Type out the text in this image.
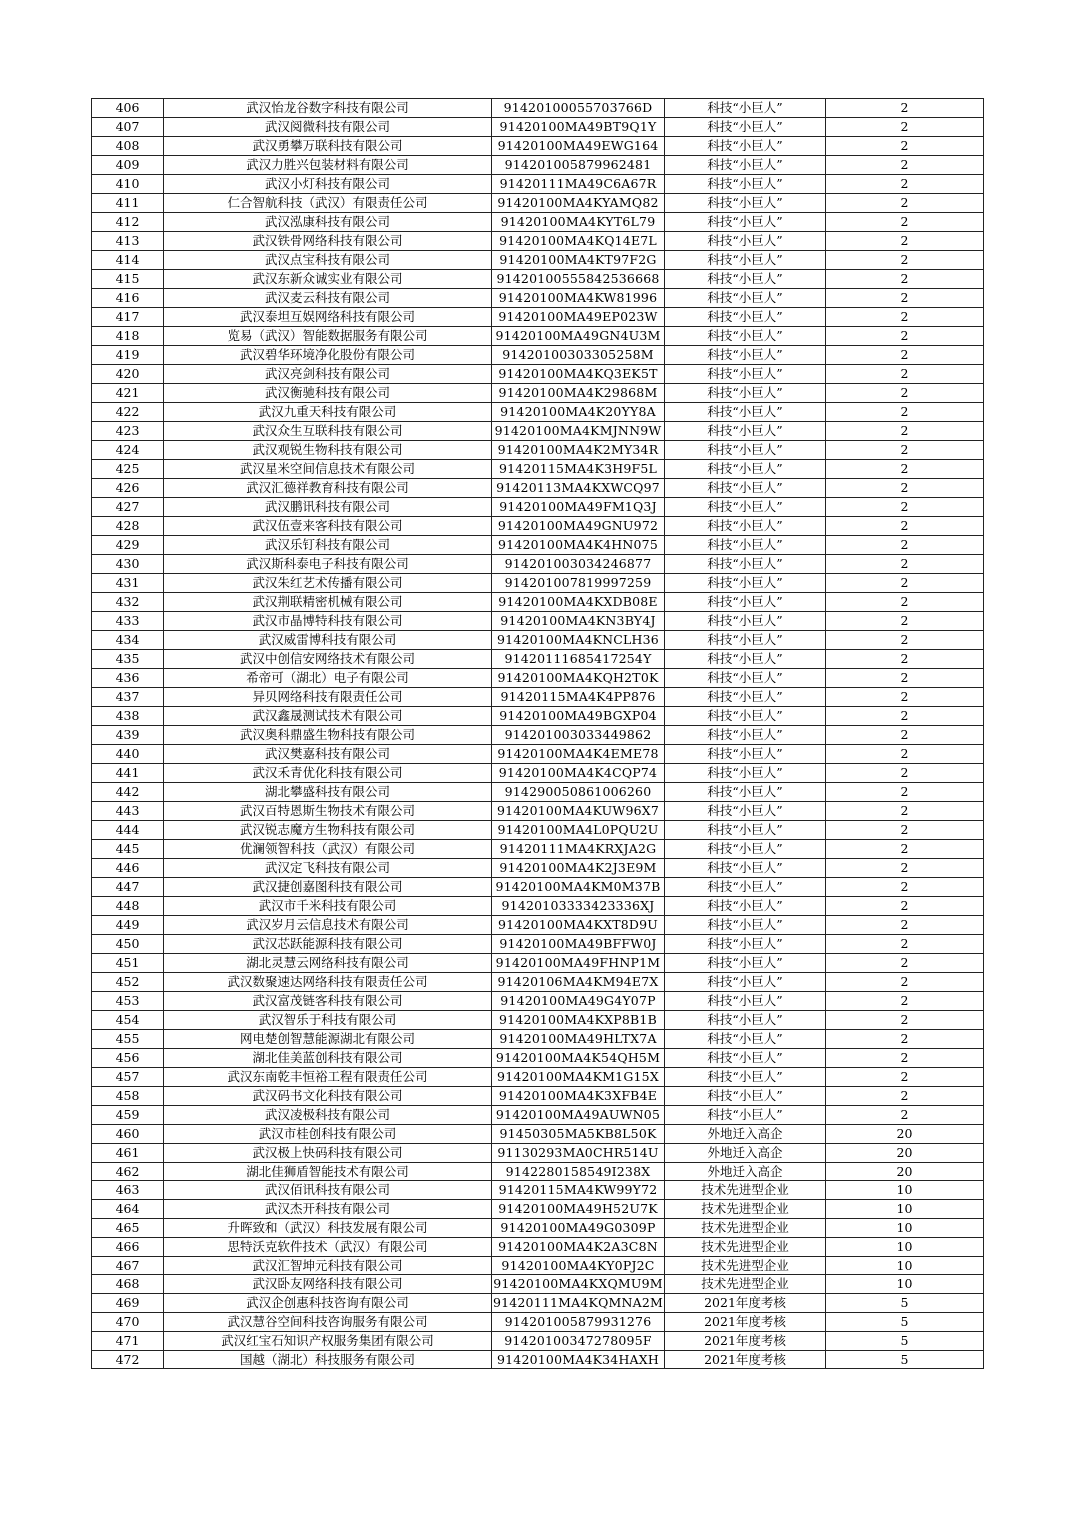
406	武汉怡龙谷数字科技有限公司	91420100055703766D	科技“小巨人”	2
407	武汉阅微科技有限公司	91420100MA49BT9Q1Y	科技“小巨人”	2
408	武汉勇攀万联科技有限公司	91420100MA49EWG164	科技“小巨人”	2
409	武汉力胜兴包装材料有限公司	914201005879962481	科技“小巨人”	2
410	武汉小灯科技有限公司	91420111MA49C6A67R	科技“小巨人”	2
411	仁合智航科技（武汉）有限责任公司	91420100MA4KYAMQ82	科技“小巨人”	2
412	武汉泓康科技有限公司	91420100MA4KYT6L79	科技“小巨人”	2
413	武汉铁骨网络科技有限公司	91420100MA4KQ14E7L	科技“小巨人”	2
414	武汉点宝科技有限公司	91420100MA4KT97F2G	科技“小巨人”	2
415	武汉东新众诚实业有限公司	91420100555842536668	科技“小巨人”	2
416	武汉麦云科技有限公司	91420100MA4KW81996	科技“小巨人”	2
417	武汉泰坦互娱网络科技有限公司	91420100MA49EP023W	科技“小巨人”	2
418	览易（武汉）智能数据服务有限公司	91420100MA49GN4U3M	科技“小巨人”	2
419	武汉碧华环境净化股份有限公司	91420100303305258M	科技“小巨人”	2
420	武汉亮剑科技有限公司	91420100MA4KQ3EK5T	科技“小巨人”	2
421	武汉衡驰科技有限公司	91420100MA4K29868M	科技“小巨人”	2
422	武汉九重天科技有限公司	91420100MA4K20YY8A	科技“小巨人”	2
423	武汉众生互联科技有限公司	91420100MA4KMJNN9W	科技“小巨人”	2
424	武汉观锐生物科技有限公司	91420100MA4K2MY34R	科技“小巨人”	2
425	武汉星米空间信息技术有限公司	91420115MA4K3H9F5L	科技“小巨人”	2
426	武汉汇德祥教育科技有限公司	91420113MA4KXWCQ97	科技“小巨人”	2
427	武汉鹏讯科技有限公司	91420100MA49FM1Q3J	科技“小巨人”	2
428	武汉伍壹来客科技有限公司	91420100MA49GNU972	科技“小巨人”	2
429	武汉乐钉科技有限公司	91420100MA4K4HN075	科技“小巨人”	2
430	武汉斯科泰电子科技有限公司	914201003034246877	科技“小巨人”	2
431	武汉朱红艺术传播有限公司	914201007819997259	科技“小巨人”	2
432	武汉荆联精密机械有限公司	91420100MA4KXDB08E	科技“小巨人”	2
433	武汉市晶博特科技有限公司	91420100MA4KN3BY4J	科技“小巨人”	2
434	武汉威雷博科技有限公司	91420100MA4KNCLH36	科技“小巨人”	2
435	武汉中创信安网络技术有限公司	91420111685417254Y	科技“小巨人”	2
436	希帝可（湖北）电子有限公司	91420100MA4KQH2T0K	科技“小巨人”	2
437	异贝网络科技有限责任公司	91420115MA4K4PP876	科技“小巨人”	2
438	武汉鑫晟测试技术有限公司	91420100MA49BGXP04	科技“小巨人”	2
439	武汉奥科鼎盛生物科技有限公司	914201003033449862	科技“小巨人”	2
440	武汉樊嘉科技有限公司	91420100MA4K4EME78	科技“小巨人”	2
441	武汉禾青优化科技有限公司	91420100MA4K4CQP74	科技“小巨人”	2
442	湖北攀盛科技有限公司	914290050861006260	科技“小巨人”	2
443	武汉百特恩斯生物技术有限公司	91420100MA4KUW96X7	科技“小巨人”	2
444	武汉锐志魔方生物科技有限公司	91420100MA4L0PQU2U	科技“小巨人”	2
445	优澜领智科技（武汉）有限公司	91420111MA4KRXJA2G	科技“小巨人”	2
446	武汉定飞科技有限公司	91420100MA4K2J3E9M	科技“小巨人”	2
447	武汉捷创嘉图科技有限公司	91420100MA4KM0M37B	科技“小巨人”	2
448	武汉市千米科技有限公司	91420103333423336XJ	科技“小巨人”	2
449	武汉岁月云信息技术有限公司	91420100MA4KXT8D9U	科技“小巨人”	2
450	武汉芯跃能源科技有限公司	91420100MA49BFFW0J	科技“小巨人”	2
451	湖北灵慧云网络科技有限公司	91420100MA49FHNP1M	科技“小巨人”	2
452	武汉数聚速达网络科技有限责任公司	91420106MA4KM94E7X	科技“小巨人”	2
453	武汉富茂链客科技有限公司	91420100MA49G4Y07P	科技“小巨人”	2
454	武汉智乐于科技有限公司	91420100MA4KXP8B1B	科技“小巨人”	2
455	网电楚创智慧能源湖北有限公司	91420100MA49HLTX7A	科技“小巨人”	2
456	湖北佳美蓝创科技有限公司	91420100MA4K54QH5M	科技“小巨人”	2
457	武汉东南乾丰恒裕工程有限责任公司	91420100MA4KM1G15X	科技“小巨人”	2
458	武汉码书文化科技有限公司	91420100MA4K3XFB4E	科技“小巨人”	2
459	武汉凌极科技有限公司	91420100MA49AUWN05	科技“小巨人”	2
460	武汉市桂创科技有限公司	91450305MA5KB8L50K	外地迁入高企	20
461	武汉极上快码科技有限公司	91130293MA0CHR514U	外地迁入高企	20
462	湖北佳狮盾智能技术有限公司	9142280158549I238X	外地迁入高企	20
463	武汉佰讯科技有限公司	91420115MA4KW99Y72	技术先进型企业	10
464	武汉杰开科技有限公司	91420100MA49H52U7K	技术先进型企业	10
465	升晖致和（武汉）科技发展有限公司	91420100MA49G0309P	技术先进型企业	10
466	思特沃克软件技术（武汉）有限公司	91420100MA4K2A3C8N	技术先进型企业	10
467	武汉汇智坤元科技有限公司	91420100MA4KY0PJ2C	技术先进型企业	10
468	武汉卧友网络科技有限公司	91420100MA4KXQMU9M	技术先进型企业	10
469	武汉企创惠科技咨询有限公司	91420111MA4KQMNA2M	2021年度考核	5
470	武汉慧谷空间科技咨询服务有限公司	914201005879931276	2021年度考核	5
471	武汉红宝石知识产权服务集团有限公司	91420100347278095F	2021年度考核	5
472	国越（湖北）科技服务有限公司	91420100MA4K34HAXH	2021年度考核	5
